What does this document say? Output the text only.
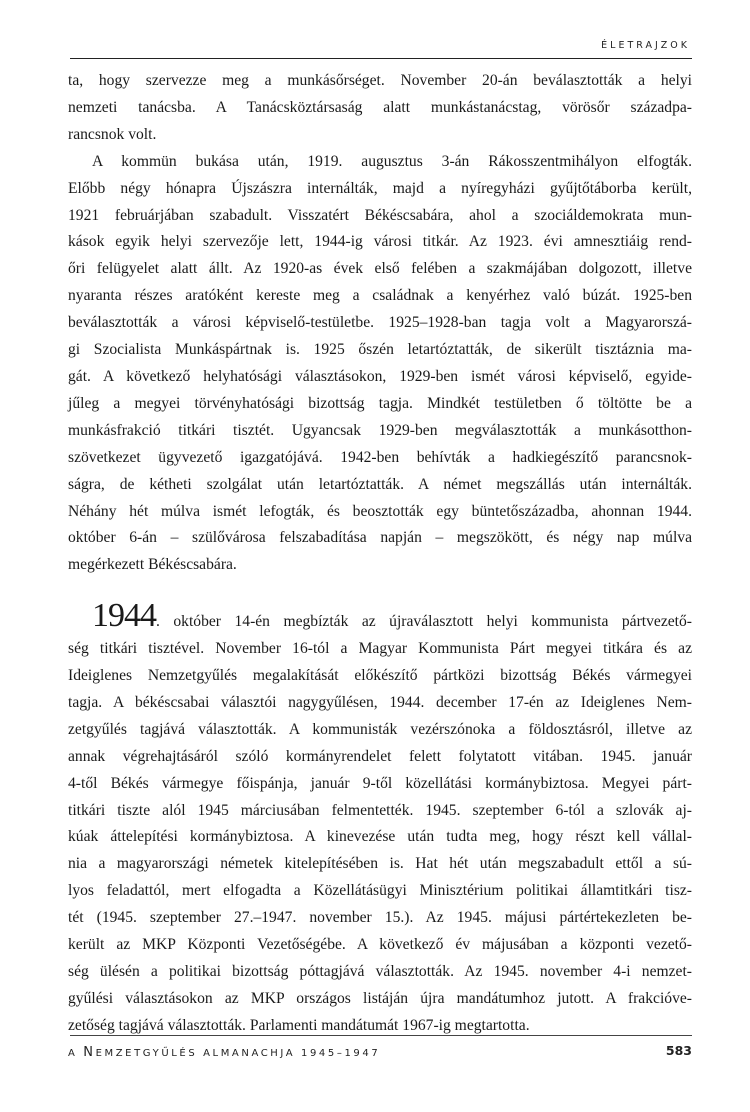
ÉLETRAJZOK

ta, hogy szervezze meg a munkásőrséget. November 20-án beválasztották a helyi
nemzeti tanácsba. A Tanácsköztársaság alatt munkástanácstag, vörösőr századpa-
rancsnok volt.

A kommün bukása után, 1919. augusztus 3-án Rákosszentmihályon elfogták.
Előbb négy hónapra Újszászra internálták, majd a nyíregyházi gyűjtőtáborba került,
1921 februárjában szabadult. Visszatért Békéscsabára, ahol a szociáldemokrata mun-
kások egyik helyi szervezője lett, 1944-ig városi titkár. Az 1923. évi amnesztiáig rend-
őri felügyelet alatt állt. Az 1920-as évek első felében a szakmájában dolgozott, illetve
nyaranta részes aratóként kereste meg a családnak a kenyérhez való búzát. 1925-ben
beválasztották a városi képviselő-testületbe. 1925–1928-ban tagja volt a Magyarorszá-
gi Szocialista Munkáspártnak is. 1925 őszén letartóztatták, de sikerült tisztáznia ma-
gát. A következő helyhatósági választásokon, 1929-ben ismét városi képviselő, egyide-
jűleg a megyei törvényhatósági bizottság tagja. Mindkét testületben ő töltötte be a
munkásfrakció titkári tisztét. Ugyancsak 1929-ben megválasztották a munkásotthon-
szövetkezet ügyvezető igazgatójává. 1942-ben behívták a hadkiegészítő parancsnok-
ságra, de kétheti szolgálat után letartóztatták. A német megszállás után internálták.
Néhány hét múlva ismét lefogták, és beosztották egy büntetőszázadba, ahonnan 1944.
október 6-án – szülővárosa felszabadítása napján – megszökött, és négy nap múlva
megérkezett Békéscsabára.

1944. október 14-én megbízták az újraválasztott helyi kommunista pártvezető-
ség titkári tisztével. November 16-tól a Magyar Kommunista Párt megyei titkára és az
Ideiglenes Nemzetgyűlés megalakítását előkészítő pártközi bizottság Békés vármegyei
tagja. A békéscsabai választói nagygyűlésen, 1944. december 17-én az Ideiglenes Nem-
zetgyűlés tagjává választották. A kommunisták vezérszónoka a földosztásról, illetve az
annak végrehajtásáról szóló kormányrendelet felett folytatott vitában. 1945. január
4-től Békés vármegye főispánja, január 9-től közellátási kormánybiztosa. Megyei párt-
titkári tiszte alól 1945 márciusában felmentették. 1945. szeptember 6-tól a szlovák aj-
kúak áttelepítési kormánybiztosa. A kinevezése után tudta meg, hogy részt kell vállal-
nia a magyarországi németek kitelepítésében is. Hat hét után megszabadult ettől a sú-
lyos feladattól, mert elfogadta a Közellátásügyi Minisztérium politikai államtitkári tisz-
tét (1945. szeptember 27.–1947. november 15.). Az 1945. májusi pártértekezleten be-
került az MKP Központi Vezetőségébe. A következő év májusában a központi vezető-
ség ülésén a politikai bizottság póttagjává választották. Az 1945. november 4-i nemzet-
gyűlési választásokon az MKP országos listáján újra mandátumhoz jutott. A frakcióve-
zetőség tagjává választották. Parlamenti mandátumát 1967-ig megtartotta.

A NEMZETGYŰLÉS ALMANACHJA 1945–1947	583
